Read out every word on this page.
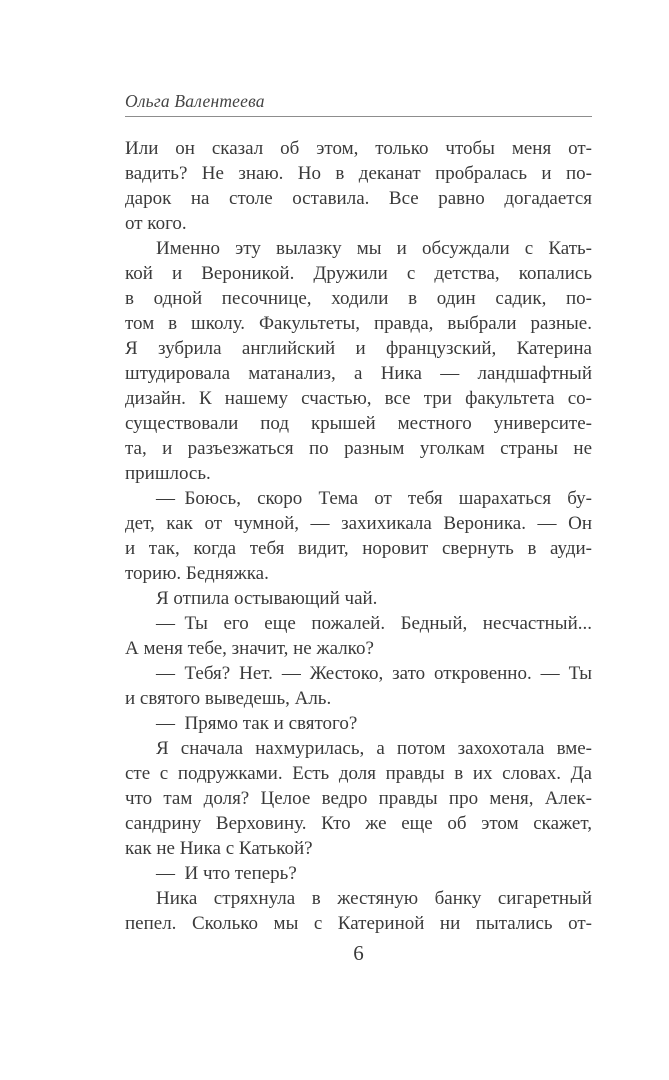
Ольга Валентеева
Или он сказал об этом, только чтобы меня от-
вадить? Не знаю. Но в деканат пробралась и по-
дарок на столе оставила. Все равно догадается
от кого.
Именно эту вылазку мы и обсуждали с Кать-
кой и Вероникой. Дружили с детства, копались
в одной песочнице, ходили в один садик, по-
том в школу. Факультеты, правда, выбрали разные.
Я зубрила английский и французский, Катерина
штудировала матанализ, а Ника — ландшафтный
дизайн. К нашему счастью, все три факультета со-
существовали под крышей местного университе-
та, и разъезжаться по разным уголкам страны не
пришлось.
— Боюсь, скоро Тема от тебя шарахаться бу-
дет, как от чумной, — захихикала Вероника. — Он
и так, когда тебя видит, норовит свернуть в ауди-
торию. Бедняжка.
Я отпила остывающий чай.
— Ты его еще пожалей. Бедный, несчастный...
А меня тебе, значит, не жалко?
— Тебя? Нет. — Жестоко, зато откровенно. — Ты
и святого выведешь, Аль.
— Прямо так и святого?
Я сначала нахмурилась, а потом захохотала вме-
сте с подружками. Есть доля правды в их словах. Да
что там доля? Целое ведро правды про меня, Алек-
сандрину Верховину. Кто же еще об этом скажет,
как не Ника с Катькой?
— И что теперь?
Ника стряхнула в жестяную банку сигаретный
пепел. Сколько мы с Катериной ни пытались от-
6
